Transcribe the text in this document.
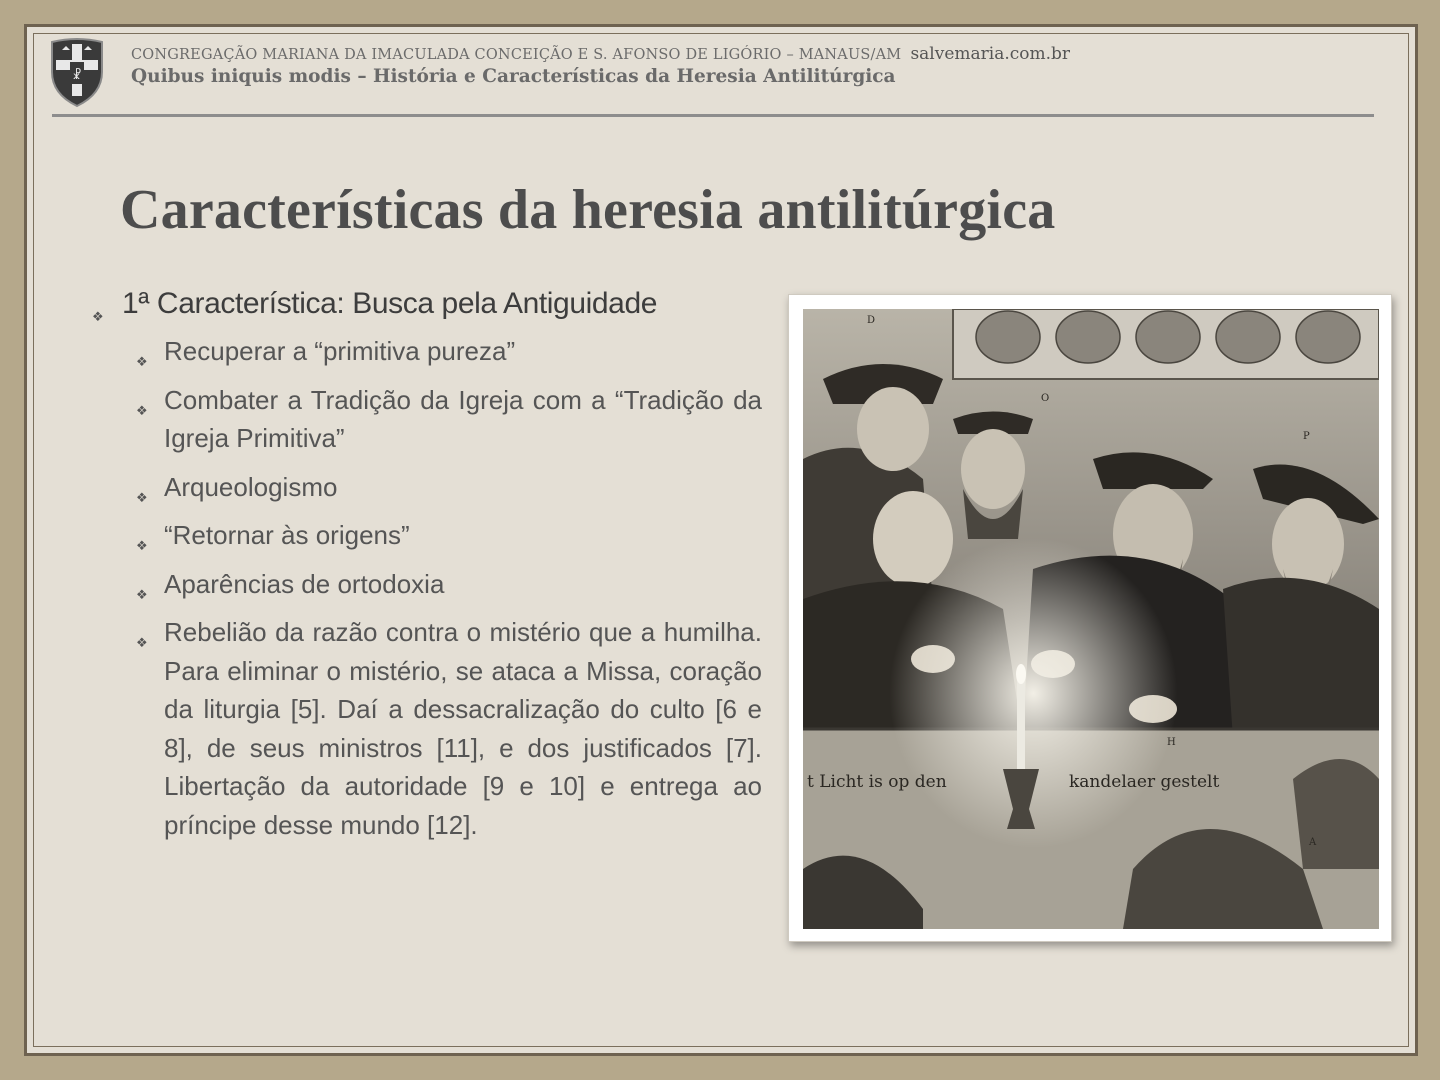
☧
CONGREGAÇÃO MARIANA DA IMACULADA CONCEIÇÃO E S. AFONSO DE LIGÓRIO – MANAUS/AM salvemaria.com.br
Quibus iniquis modis – História e Características da Heresia Antilitúrgica
Características da heresia antilitúrgica
❖ 1ª Característica: Busca pela Antiguidade
❖ Recuperar a “primitiva pureza”
❖ Combater a Tradição da Igreja com a “Tradição da Igreja Primitiva”
❖ Arqueologismo
❖ “Retornar às origens”
❖ Aparências de ortodoxia
❖ Rebelião da razão contra o mistério que a humilha. Para eliminar o mistério, se ataca a Missa, coração da liturgia [5]. Daí a dessacralização do culto [6 e 8], de seus ministros [11], e dos justificados [7]. Libertação da autoridade [9 e 10] e entrega ao príncipe desse mundo [12].
t Licht is op den	kandelaer gestelt
D
O
P
H
A
